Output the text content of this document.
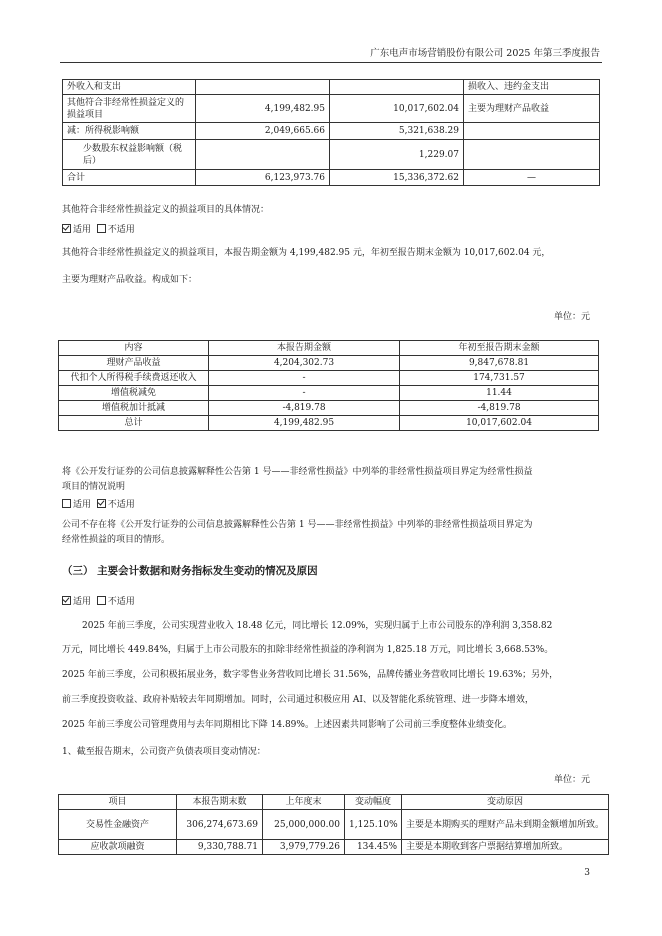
广东电声市场营销股份有限公司 2025 年第三季度报告
外收入和支出			损收入、违约金支出
其他符合非经常性损益定义的损益项目	4,199,482.95	10,017,602.04	主要为理财产品收益
减：所得税影响额	2,049,665.66	5,321,638.29	
少数股东权益影响额（税后）		1,229.07	
合计	6,123,973.76	15,336,372.62	—
其他符合非经常性损益定义的损益项目的具体情况：
适用 不适用
其他符合非经常性损益定义的损益项目，本报告期金额为 4,199,482.95 元，年初至报告期末金额为 10,017,602.04 元，
主要为理财产品收益。构成如下：
单位：元
内容	本报告期金额	年初至报告期末金额
理财产品收益	4,204,302.73	9,847,678.81
代扣个人所得税手续费返还收入	-	174,731.57
增值税减免	-	11.44
增值税加计抵减	-4,819.78	-4,819.78
总计	4,199,482.95	10,017,602.04
将《公开发行证券的公司信息披露解释性公告第 1 号——非经常性损益》中列举的非经常性损益项目界定为经常性损益
项目的情况说明
适用 不适用
公司不存在将《公开发行证券的公司信息披露解释性公告第 1 号——非经常性损益》中列举的非经常性损益项目界定为
经常性损益的项目的情形。
（三） 主要会计数据和财务指标发生变动的情况及原因
适用 不适用
2025 年前三季度，公司实现营业收入 18.48 亿元，同比增长 12.09%，实现归属于上市公司股东的净利润 3,358.82
万元，同比增长 449.84%，归属于上市公司股东的扣除非经常性损益的净利润为 1,825.18 万元，同比增长 3,668.53%。
2025 年前三季度，公司积极拓展业务，数字零售业务营收同比增长 31.56%，品牌传播业务营收同比增长 19.63%；另外，
前三季度投资收益、政府补贴较去年同期增加。同时，公司通过积极应用 AI、以及智能化系统管理、进一步降本增效，
2025 年前三季度公司管理费用与去年同期相比下降 14.89%。上述因素共同影响了公司前三季度整体业绩变化。
1、截至报告期末，公司资产负债表项目变动情况：
单位：元
项目	本报告期末数	上年度末	变动幅度	变动原因
交易性金融资产	306,274,673.69	25,000,000.00	1,125.10%	主要是本期购买的理财产品未到期金额增加所致。
应收款项融资	9,330,788.71	3,979,779.26	134.45%	主要是本期收到客户票据结算增加所致。
3
